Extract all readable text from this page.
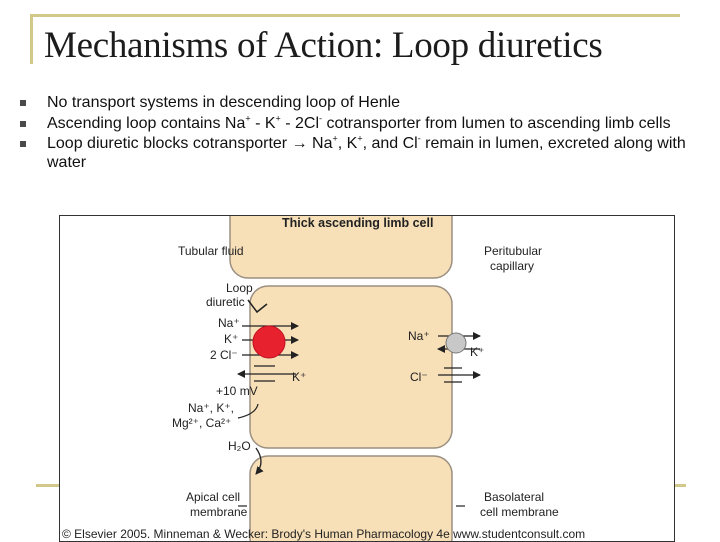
Mechanisms of Action: Loop diuretics
No transport systems in descending loop of Henle
Ascending loop contains Na+ - K+ - 2Cl- cotransporter from lumen to ascending limb cells
Loop diuretic blocks cotransporter → Na+, K+, and Cl- remain in lumen, excreted along with water
Thick ascending limb cell
Tubular fluid	Peritubular
capillary
Loop
diuretic
Na⁺
K⁺
2 Cl⁻
K⁺
+10 mV
Na⁺, K⁺,
Mg²⁺, Ca²⁺
H₂O
Apical cell
membrane
Basolateral
cell membrane
Na⁺
K⁺
Cl⁻
© Elsevier 2005. Minneman & Wecker: Brody's Human Pharmacology 4e www.studentconsult.com
